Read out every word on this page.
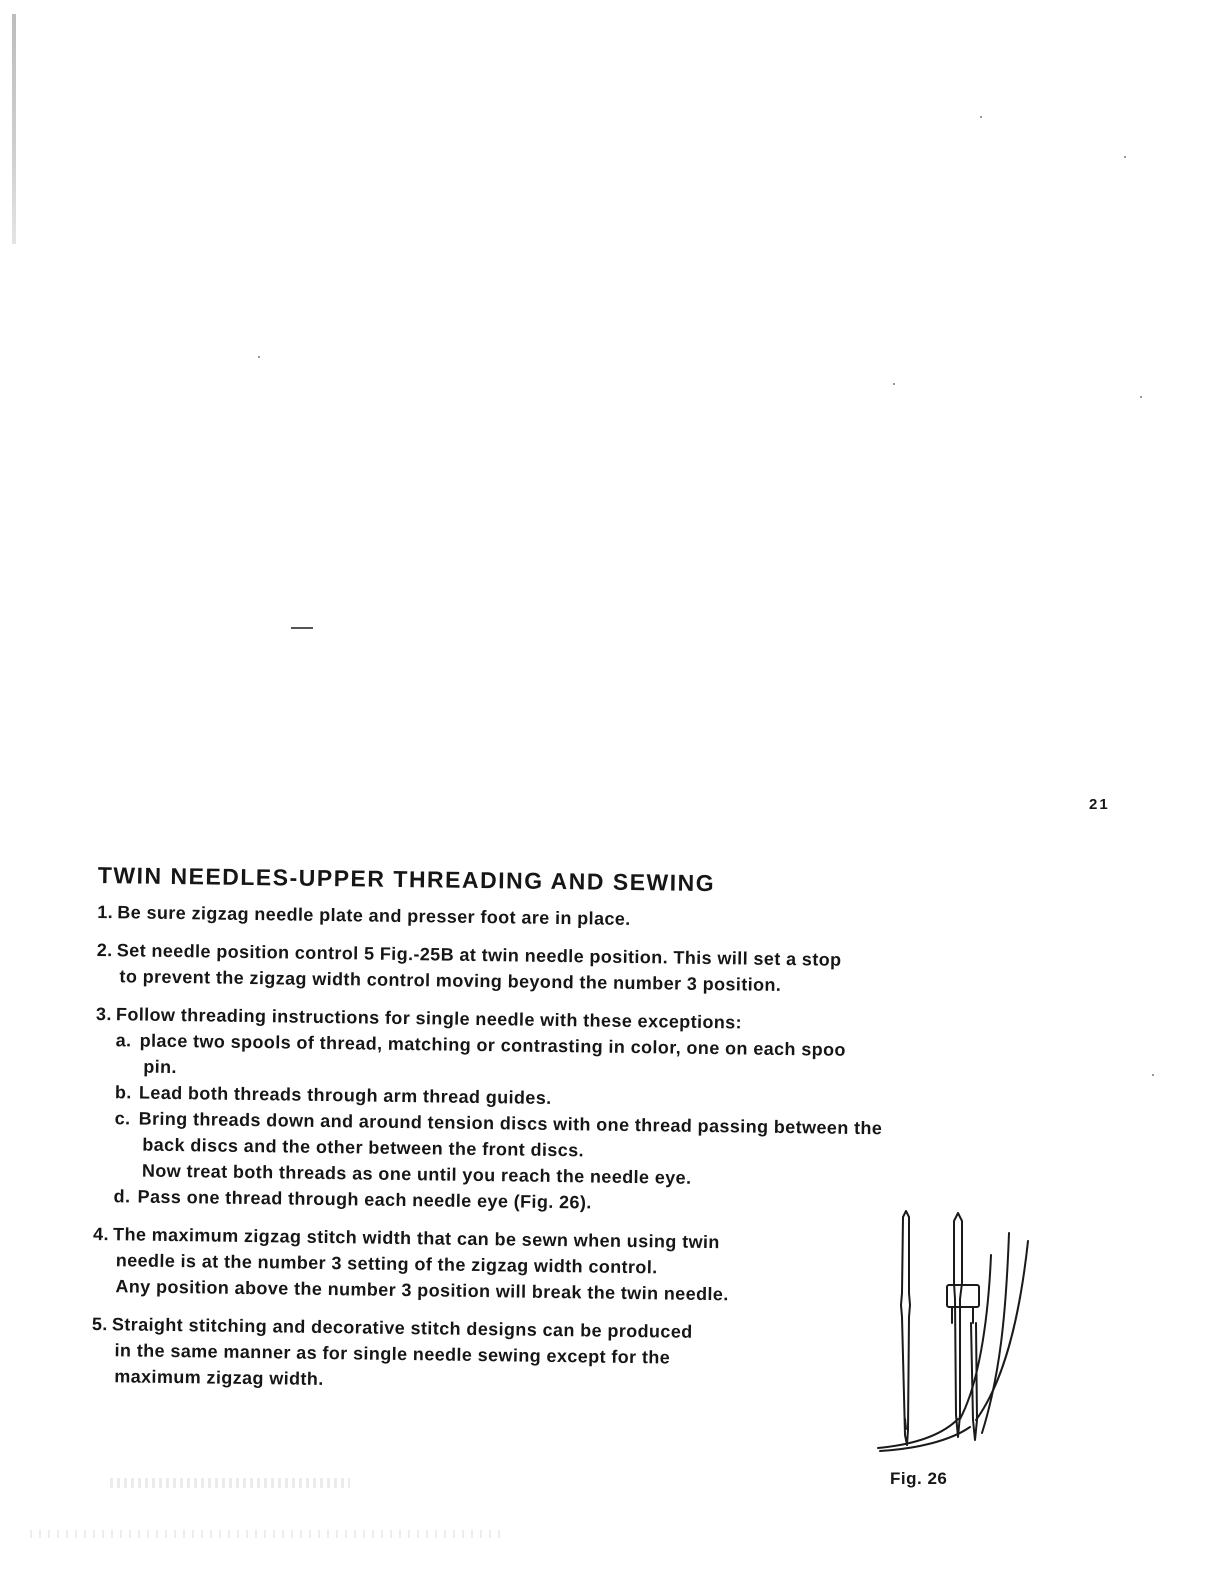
21
TWIN NEEDLES-UPPER THREADING AND SEWING
1. Be sure zigzag needle plate and presser foot are in place.
2. Set needle position control 5 Fig.-25B at twin needle position. This will set a stop
to prevent the zigzag width control moving beyond the number 3 position.
3. Follow threading instructions for single needle with these exceptions:
a. place two spools of thread, matching or contrasting in color, one on each spoo
pin.
b. Lead both threads through arm thread guides.
c. Bring threads down and around tension discs with one thread passing between the
back discs and the other between the front discs.
Now treat both threads as one until you reach the needle eye.
d. Pass one thread through each needle eye (Fig. 26).
4. The maximum zigzag stitch width that can be sewn when using twin
needle is at the number 3 setting of the zigzag width control.
Any position above the number 3 position will break the twin needle.
5. Straight stitching and decorative stitch designs can be produced
in the same manner as for single needle sewing except for the
maximum zigzag width.
Fig. 26
